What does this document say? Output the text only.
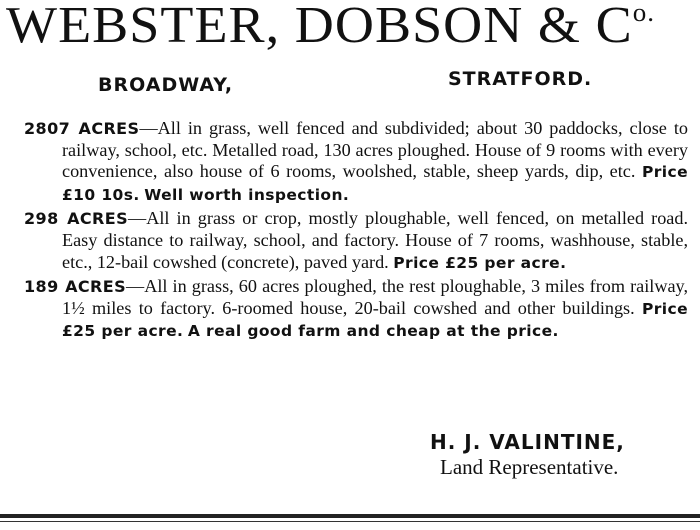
WEBSTER, DOBSON & $C^{o.}$
BROADWAY,	STRATFORD.

2807 ACRES—All in grass, well fenced and subdivided; about 30 paddocks, close to railway, school, etc. Metalled road, 130 acres ploughed. House of 9 rooms with every convenience, also house of 6 rooms, woolshed, stable, sheep yards, dip, etc. Price £10 10s. Well worth inspection.

298 ACRES—All in grass or crop, mostly ploughable, well fenced, on metalled road. Easy distance to railway, school, and factory. House of 7 rooms, washhouse, stable, etc., 12-bail cowshed (concrete), paved yard. Price £25 per acre.

189 ACRES—All in grass, 60 acres ploughed, the rest ploughable, 3 miles from railway, 1½ miles to factory. 6-roomed house, 20-bail cowshed and other buildings. Price £25 per acre. A real good farm and cheap at the price.

H. J. VALINTINE,
Land Representative.
